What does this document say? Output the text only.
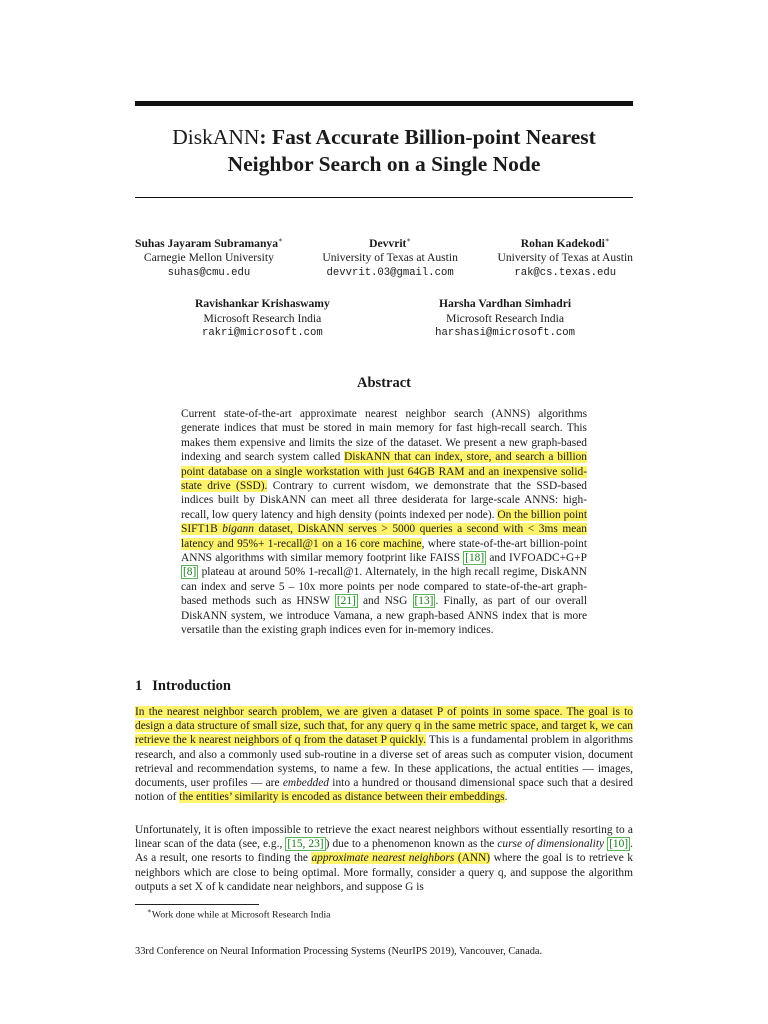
DiskANN: Fast Accurate Billion-point Nearest
Neighbor Search on a Single Node
Suhas Jayaram Subramanya∗
Carnegie Mellon University
suhas@cmu.edu
Devvrit∗
University of Texas at Austin
devvrit.03@gmail.com
Rohan Kadekodi∗
University of Texas at Austin
rak@cs.texas.edu
Ravishankar Krishaswamy
Microsoft Research India
rakri@microsoft.com
Harsha Vardhan Simhadri
Microsoft Research India
harshasi@microsoft.com
Abstract

Current state-of-the-art approximate nearest neighbor search (ANNS) algorithms generate indices that must be stored in main memory for fast high-recall search. This makes them expensive and limits the size of the dataset. We present a new graph-based indexing and search system called DiskANN that can index, store, and search a billion point database on a single workstation with just 64GB RAM and an inexpensive solid-state drive (SSD). Contrary to current wisdom, we demonstrate that the SSD-based indices built by DiskANN can meet all three desiderata for large-scale ANNS: high-recall, low query latency and high density (points indexed per node). On the billion point SIFT1B bigann dataset, DiskANN serves > 5000 queries a second with < 3ms mean latency and 95%+ 1-recall@1 on a 16 core machine, where state-of-the-art billion-point ANNS algorithms with similar memory footprint like FAISS [18] and IVFOADC+G+P [8] plateau at around 50% 1-recall@1. Alternately, in the high recall regime, DiskANN can index and serve 5 – 10x more points per node compared to state-of-the-art graph-based methods such as HNSW [21] and NSG [13] . Finally, as part of our overall DiskANN system, we introduce Vamana, a new graph-based ANNS index that is more versatile than the existing graph indices even for in-memory indices.

1 Introduction

In the nearest neighbor search problem, we are given a dataset P of points in some space. The goal is to design a data structure of small size, such that, for any query q in the same metric space, and target k, we can retrieve the k nearest neighbors of q from the dataset P quickly. This is a fundamental problem in algorithms research, and also a commonly used sub-routine in a diverse set of areas such as computer vision, document retrieval and recommendation systems, to name a few. In these applications, the actual entities — images, documents, user profiles — are embedded into a hundred or thousand dimensional space such that a desired notion of the entities’ similarity is encoded as distance between their embeddings.

Unfortunately, it is often impossible to retrieve the exact nearest neighbors without essentially resorting to a linear scan of the data (see, e.g., [15, 23] ) due to a phenomenon known as the curse of dimensionality [10] . As a result, one resorts to finding the approximate nearest neighbors (ANN) where the goal is to retrieve k neighbors which are close to being optimal. More formally, consider a query q, and suppose the algorithm outputs a set X of k candidate near neighbors, and suppose G is

∗Work done while at Microsoft Research India

33rd Conference on Neural Information Processing Systems (NeurIPS 2019), Vancouver, Canada.
